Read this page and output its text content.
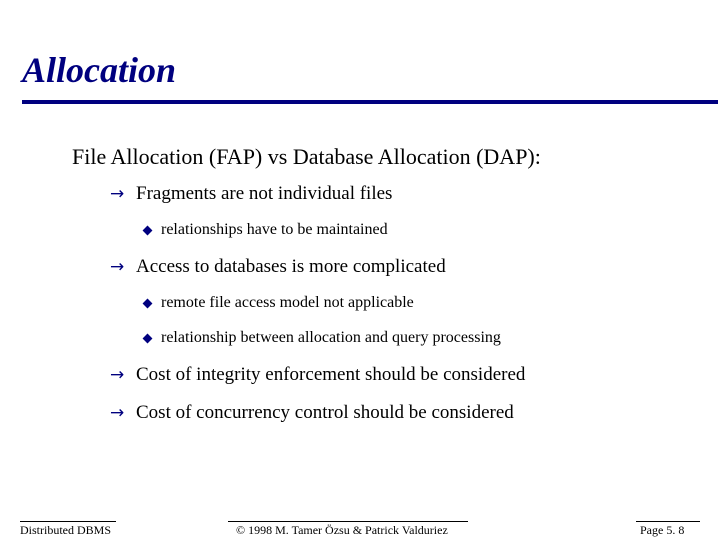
Allocation
File Allocation (FAP) vs Database Allocation (DAP):
→ Fragments are not individual files
relationships have to be maintained
→ Access to databases is more complicated
remote file access model not applicable
relationship between allocation and query processing
→ Cost of integrity enforcement should be considered
→ Cost of concurrency control should be considered
Distributed DBMS	© 1998 M. Tamer Özsu & Patrick Valduriez	Page 5. 8
